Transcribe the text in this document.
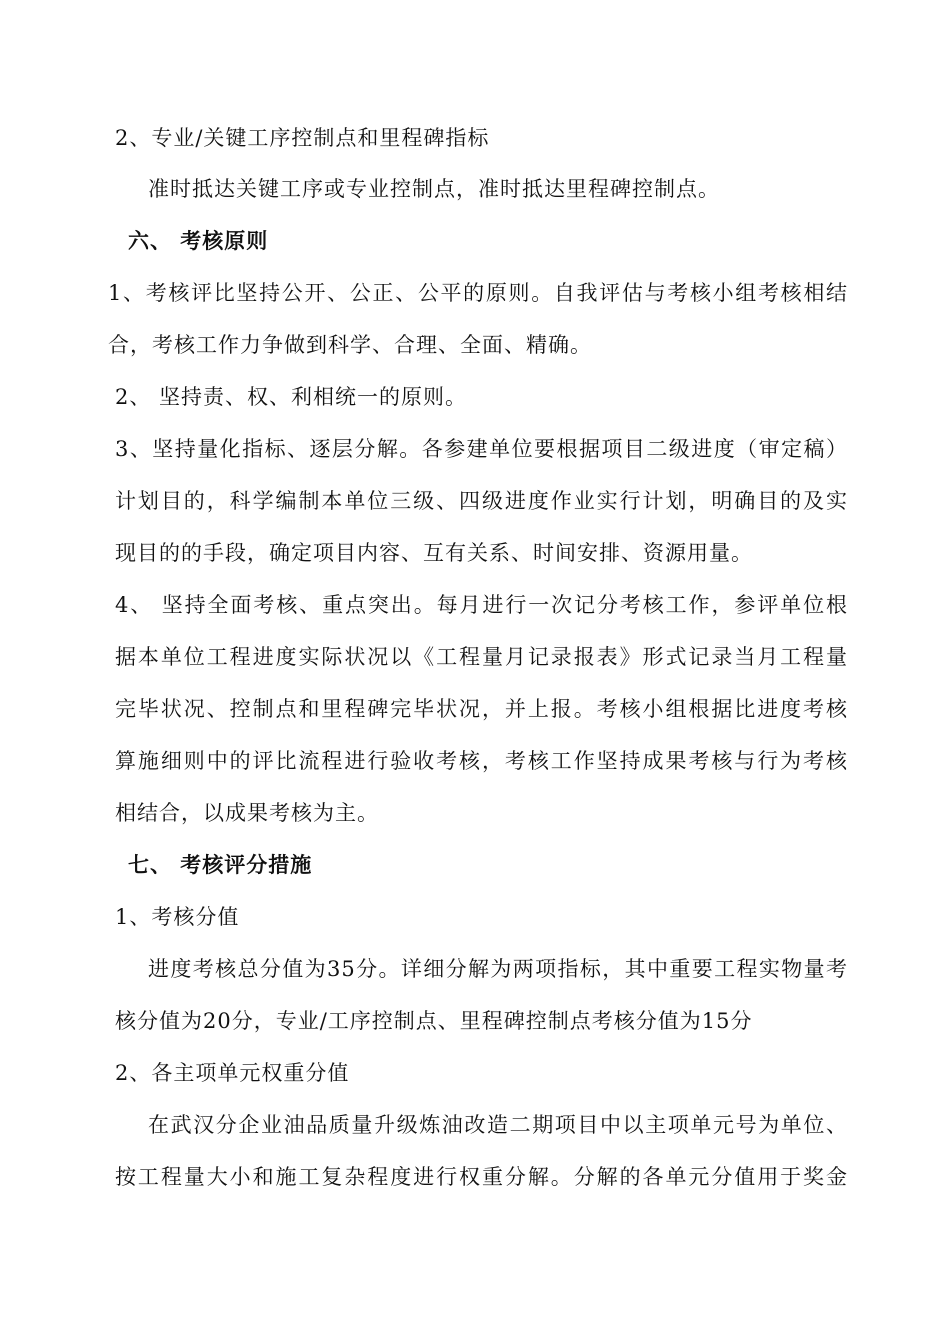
2、专业/关键工序控制点和里程碑指标
准时抵达关键工序或专业控制点，准时抵达里程碑控制点。
六、 考核原则
1、考核评比坚持公开、公正、公平的原则。自我评估与考核小组考核相结
合，考核工作力争做到科学、合理、全面、精确。
2、 坚持责、权、利相统一的原则。
3、坚持量化指标、逐层分解。各参建单位要根据项目二级进度（审定稿）
计划目的，科学编制本单位三级、四级进度作业实行计划，明确目的及实
现目的的手段，确定项目内容、互有关系、时间安排、资源用量。
4、 坚持全面考核、重点突出。每月进行一次记分考核工作，参评单位根
据本单位工程进度实际状况以《工程量月记录报表》形式记录当月工程量
完毕状况、控制点和里程碑完毕状况，并上报。考核小组根据比进度考核
算施细则中的评比流程进行验收考核，考核工作坚持成果考核与行为考核
相结合，以成果考核为主。
七、 考核评分措施
1、考核分值
进度考核总分值为35分。详细分解为两项指标，其中重要工程实物量考
核分值为20分，专业/工序控制点、里程碑控制点考核分值为15分
2、各主项单元权重分值
在武汉分企业油品质量升级炼油改造二期项目中以主项单元号为单位、
按工程量大小和施工复杂程度进行权重分解。分解的各单元分值用于奖金
